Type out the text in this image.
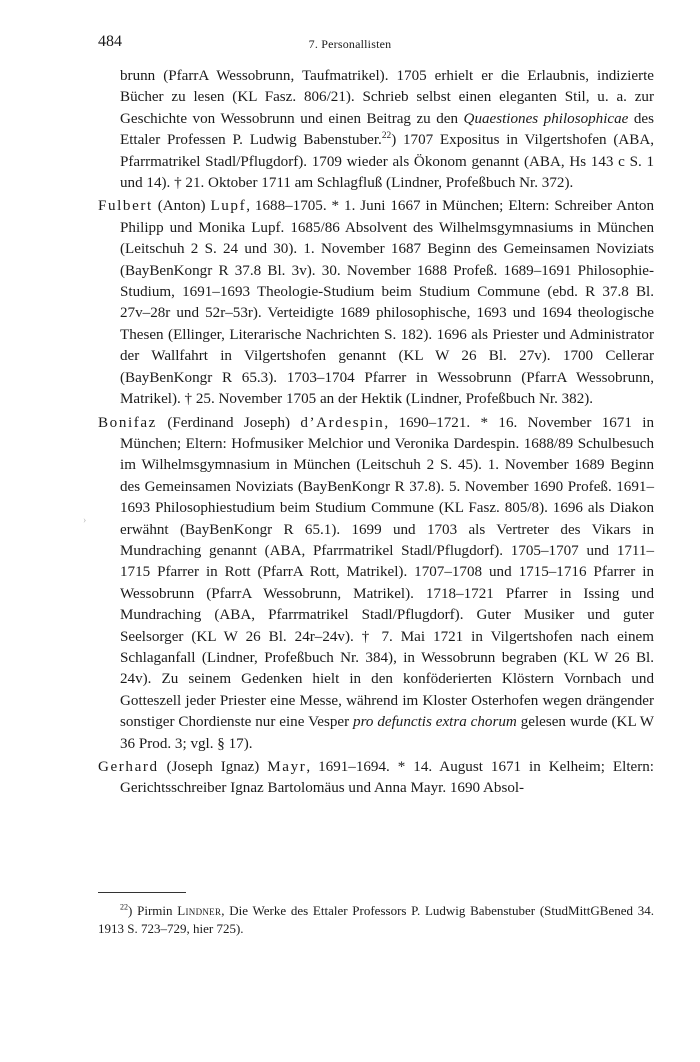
484	7. Personallisten

brunn (PfarrA Wessobrunn, Taufmatrikel). 1705 erhielt er die Erlaubnis, indizierte Bücher zu lesen (KL Fasz. 806/21). Schrieb selbst einen eleganten Stil, u. a. zur Geschichte von Wessobrunn und einen Beitrag zu den Quaestiones philosophicae des Ettaler Professen P. Ludwig Babenstuber.$^{22}$) 1707 Expositus in Vilgertshofen (ABA, Pfarrmatrikel Stadl/Pflugdorf). 1709 wieder als Ökonom genannt (ABA, Hs 143 c S. 1 und 14). † 21. Oktober 1711 am Schlagfluß (Lindner, Profeßbuch Nr. 372).

Fulbert (Anton) Lupf, 1688–1705. * 1. Juni 1667 in München; Eltern: Schreiber Anton Philipp und Monika Lupf. 1685/86 Absolvent des Wilhelmsgymnasiums in München (Leitschuh 2 S. 24 und 30). 1. November 1687 Beginn des Gemeinsamen Noviziats (BayBenKongr R 37.8 Bl. 3v). 30. November 1688 Profeß. 1689–1691 Philosophie-Studium, 1691–1693 Theologie-Studium beim Studium Commune (ebd. R 37.8 Bl. 27v–28r und 52r–53r). Verteidigte 1689 philosophische, 1693 und 1694 theologische Thesen (Ellinger, Literarische Nachrichten S. 182). 1696 als Priester und Administrator der Wallfahrt in Vilgertshofen genannt (KL W 26 Bl. 27v). 1700 Cellerar (BayBenKongr R 65.3). 1703–1704 Pfarrer in Wessobrunn (PfarrA Wessobrunn, Matrikel). † 25. November 1705 an der Hektik (Lindner, Profeßbuch Nr. 382).

Bonifaz (Ferdinand Joseph) d’Ardespin, 1690–1721. * 16. November 1671 in München; Eltern: Hofmusiker Melchior und Veronika Dardespin. 1688/89 Schulbesuch im Wilhelmsgymnasium in München (Leitschuh 2 S. 45). 1. November 1689 Beginn des Gemeinsamen Noviziats (BayBenKongr R 37.8). 5. November 1690 Profeß. 1691–1693 Philosophiestudium beim Studium Commune (KL Fasz. 805/8). 1696 als Diakon erwähnt (BayBenKongr R 65.1). 1699 und 1703 als Vertreter des Vikars in Mundraching genannt (ABA, Pfarrmatrikel Stadl/Pflugdorf). 1705–1707 und 1711–1715 Pfarrer in Rott (PfarrA Rott, Matrikel). 1707–1708 und 1715–1716 Pfarrer in Wessobrunn (PfarrA Wessobrunn, Matrikel). 1718–1721 Pfarrer in Issing und Mundraching (ABA, Pfarrmatrikel Stadl/Pflugdorf). Guter Musiker und guter Seelsorger (KL W 26 Bl. 24r–24v). † 7. Mai 1721 in Vilgertshofen nach einem Schlaganfall (Lindner, Profeßbuch Nr. 384), in Wessobrunn begraben (KL W 26 Bl. 24v). Zu seinem Gedenken hielt in den konföderierten Klöstern Vornbach und Gotteszell jeder Priester eine Messe, während im Kloster Osterhofen wegen drängender sonstiger Chordienste nur eine Vesper pro defunctis extra chorum gelesen wurde (KL W 36 Prod. 3; vgl. § 17).

Gerhard (Joseph Ignaz) Mayr, 1691–1694. * 14. August 1671 in Kelheim; Eltern: Gerichtsschreiber Ignaz Bartolomäus und Anna Mayr. 1690 Absol-

›
$^{22}$) Pirmin Lindner, Die Werke des Ettaler Professors P. Ludwig Babenstuber (StudMittGBened 34. 1913 S. 723–729, hier 725).
